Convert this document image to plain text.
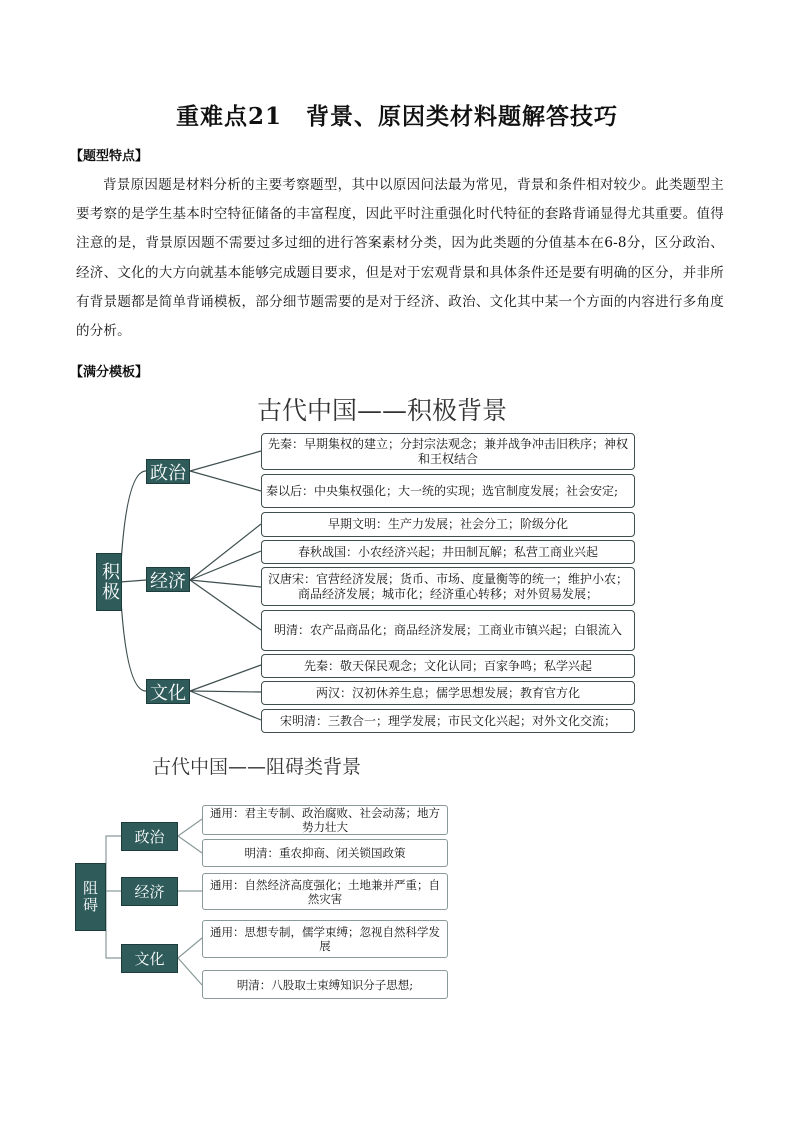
重难点21　背景、原因类材料题解答技巧
【题型特点】
背景原因题是材料分析的主要考察题型，其中以原因问法最为常见，背景和条件相对较少。此类题型主要考察的是学生基本时空特征储备的丰富程度，因此平时注重强化时代特征的套路背诵显得尤其重要。值得注意的是，背景原因题不需要过多过细的进行答案素材分类，因为此类题的分值基本在6-8分，区分政治、经济、文化的大方向就基本能够完成题目要求，但是对于宏观背景和具体条件还是要有明确的区分，并非所有背景题都是简单背诵模板，部分细节题需要的是对于经济、政治、文化其中某一个方面的内容进行多角度的分析。
【满分模板】
古代中国——积极背景
积极
政治
经济
文化
先秦：早期集权的建立；分封宗法观念；兼并战争冲击旧秩序；神权和王权结合
秦以后：中央集权强化；大一统的实现；选官制度发展；社会安定;
早期文明：生产力发展；社会分工；阶级分化
春秋战国：小农经济兴起；井田制瓦解；私营工商业兴起
汉唐宋：官营经济发展；货币、市场、度量衡等的统一；维护小农；商品经济发展；城市化；经济重心转移；对外贸易发展；
明清：农产品商品化；商品经济发展；工商业市镇兴起；白银流入
先秦：敬天保民观念；文化认同；百家争鸣；私学兴起
两汉：汉初休养生息；儒学思想发展；教育官方化
宋明清：三教合一；理学发展；市民文化兴起；对外文化交流；
古代中国——阻碍类背景
阻碍
政治
经济
文化
通用：君主专制、政治腐败、社会动荡；地方势力壮大
明清：重农抑商、闭关锁国政策
通用：自然经济高度强化；土地兼并严重；自然灾害
通用：思想专制，儒学束缚；忽视自然科学发展
明清：八股取士束缚知识分子思想;
